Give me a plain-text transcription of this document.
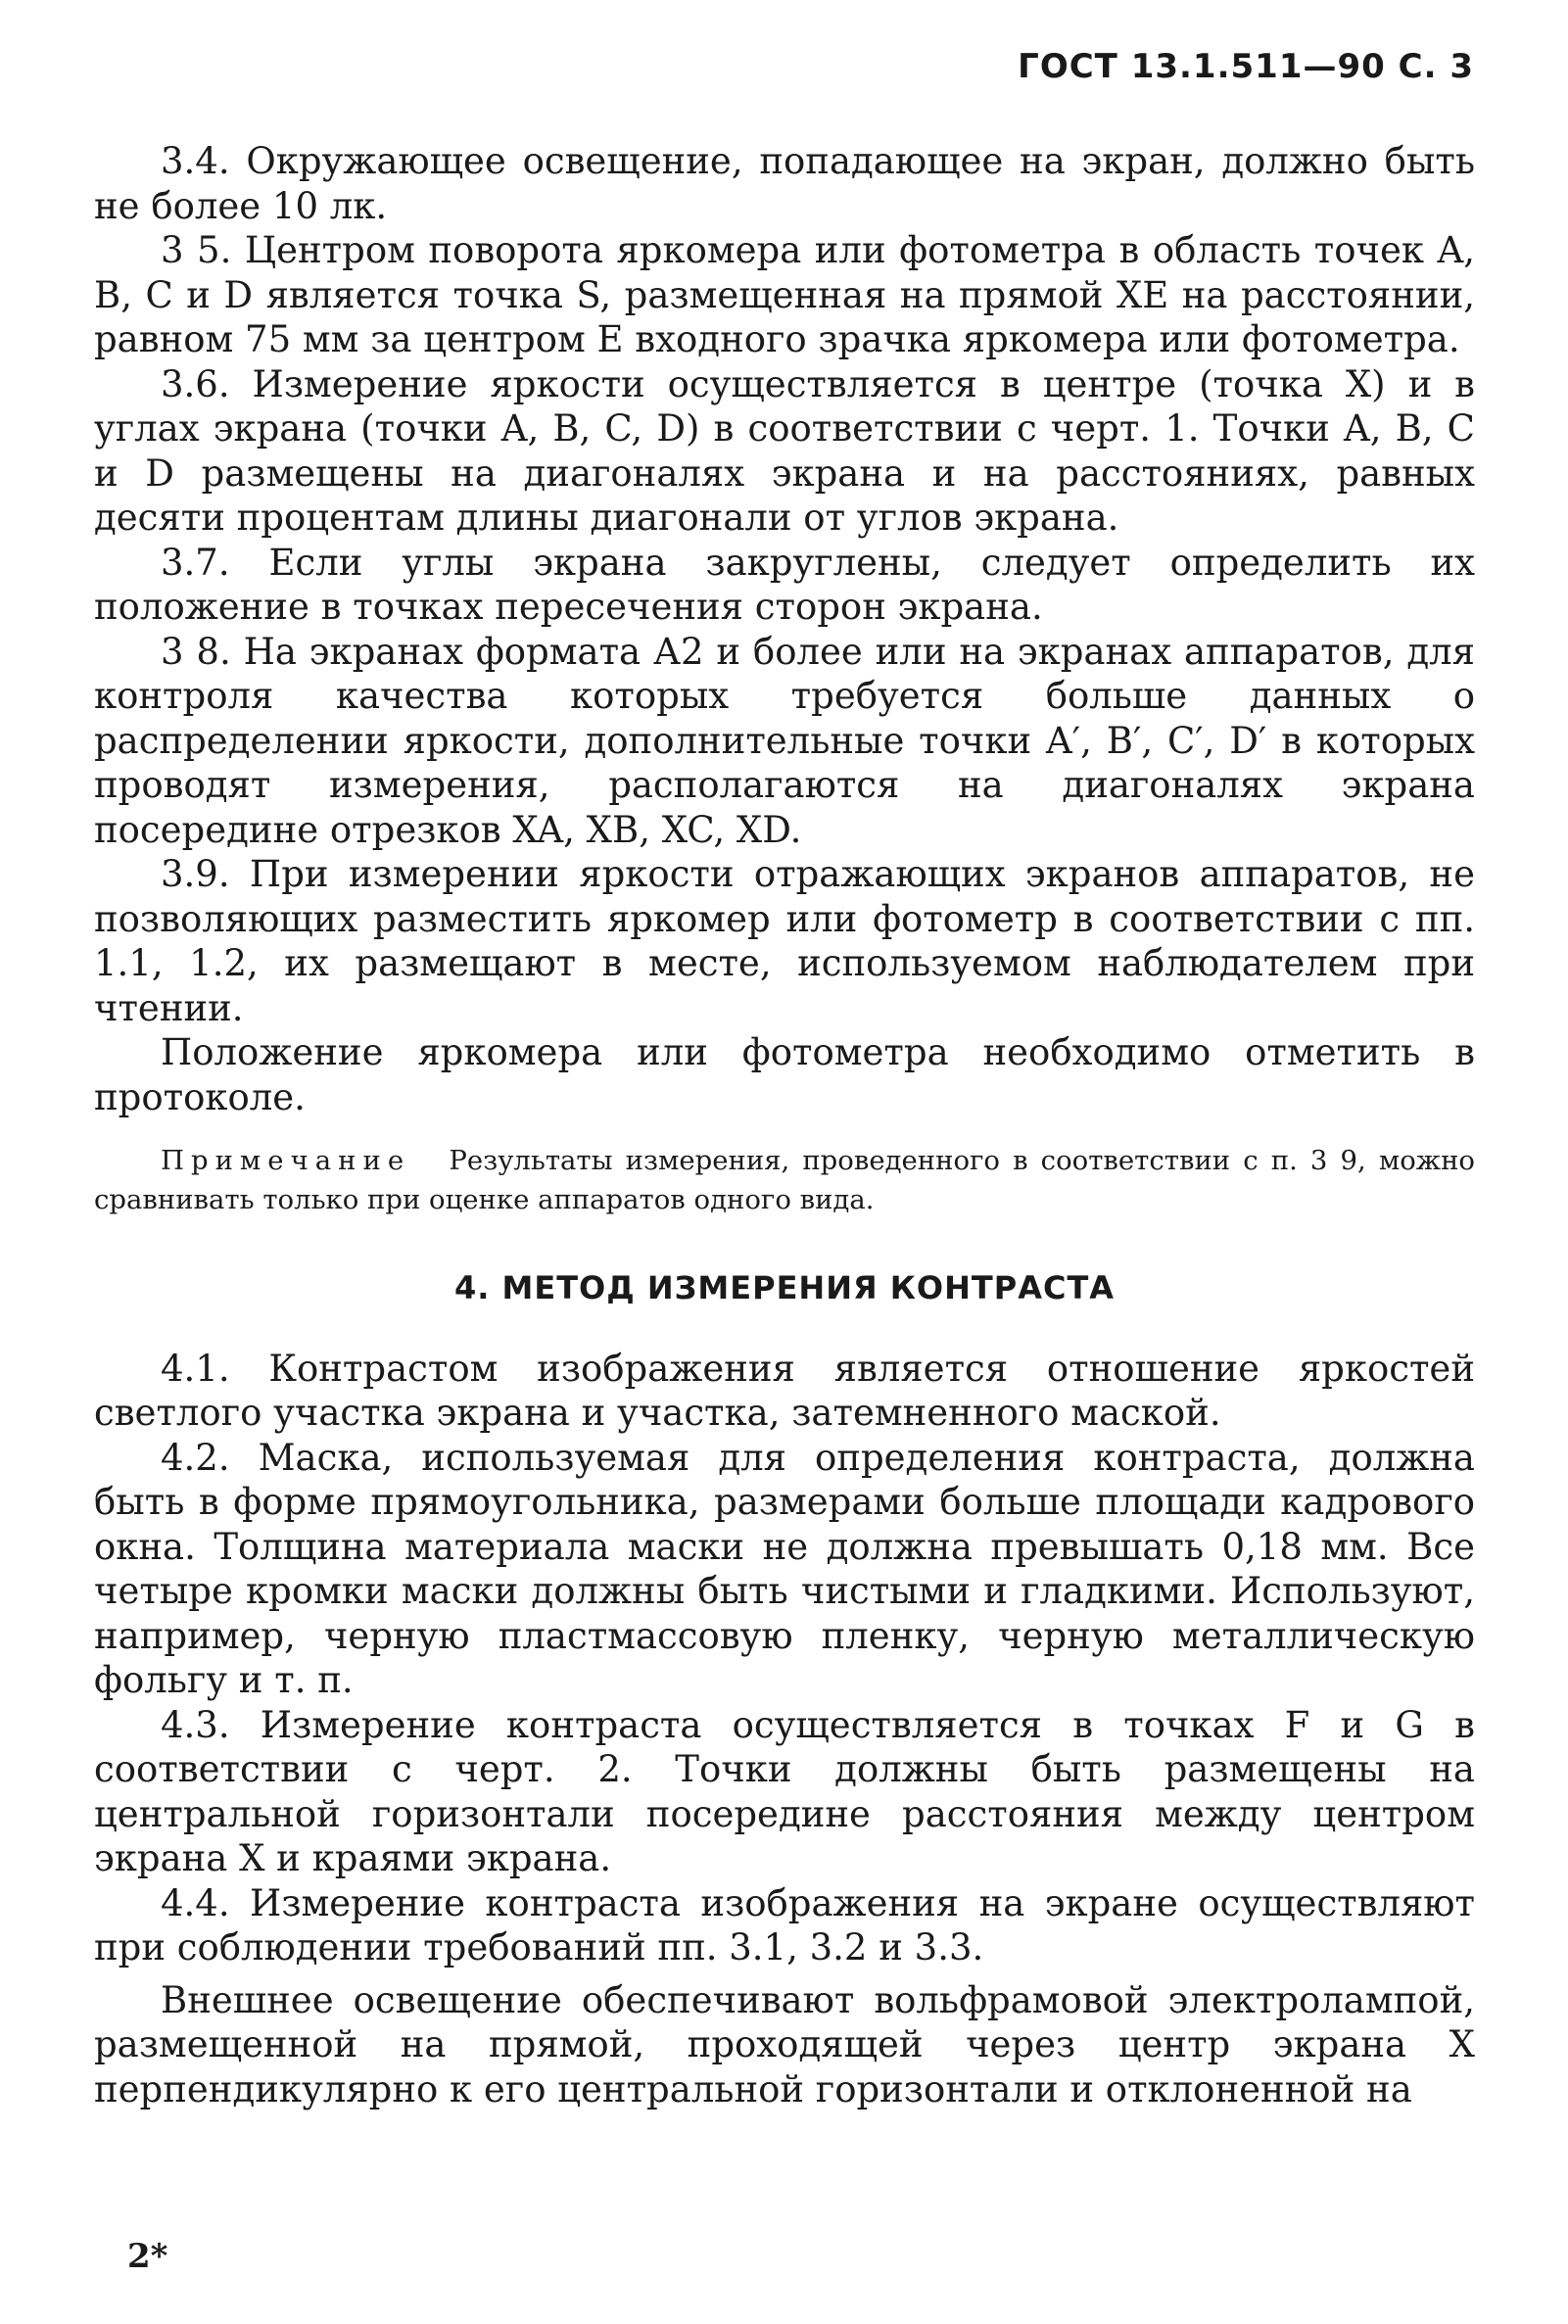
ГОСТ 13.1.511—90 С. 3

3.4. Окружающее освещение, попадающее на экран, должно быть не более 10 лк.

3 5. Центром поворота яркомера или фотометра в область точек A, B, C и D является точка S, размещенная на прямой XE на расстоянии, равном 75 мм за центром E входного зрачка яркомера или фотометра.

3.6. Измерение яркости осуществляется в центре (точка X) и в углах экрана (точки A, B, C, D) в соответствии с черт. 1. Точки A, B, C и D размещены на диагоналях экрана и на расстояниях, равных десяти процентам длины диагонали от углов экрана.

3.7. Если углы экрана закруглены, следует определить их положение в точках пересечения сторон экрана.

3 8. На экранах формата А2 и более или на экранах аппаратов, для контроля качества которых требуется больше данных о распределении яркости, дополнительные точки A′, B′, C′, D′ в которых проводят измерения, располагаются на диагоналях экрана посередине отрезков XA, XB, XC, XD.

3.9. При измерении яркости отражающих экранов аппаратов, не позволяющих разместить яркомер или фотометр в соответствии с пп. 1.1, 1.2, их размещают в месте, используемом наблюдателем при чтении.

Положение яркомера или фотометра необходимо отметить в протоколе.

Примечание Результаты измерения, проведенного в соответствии с п. 3 9, можно сравнивать только при оценке аппаратов одного вида.

4. МЕТОД ИЗМЕРЕНИЯ КОНТРАСТА

4.1. Контрастом изображения является отношение яркостей светлого участка экрана и участка, затемненного маской.

4.2. Маска, используемая для определения контраста, должна быть в форме прямоугольника, размерами больше площади кадрового окна. Толщина материала маски не должна превышать 0,18 мм. Все четыре кромки маски должны быть чистыми и гладкими. Используют, например, черную пластмассовую пленку, черную металлическую фольгу и т. п.

4.3. Измерение контраста осуществляется в точках F и G в соответствии с черт. 2. Точки должны быть размещены на центральной горизонтали посередине расстояния между центром экрана X и краями экрана.

4.4. Измерение контраста изображения на экране осуществляют при соблюдении требований пп. 3.1, 3.2 и 3.3.

Внешнее освещение обеспечивают вольфрамовой электролампой, размещенной на прямой, проходящей через центр экрана X перпендикулярно к его центральной горизонтали и отклоненной на

2*
